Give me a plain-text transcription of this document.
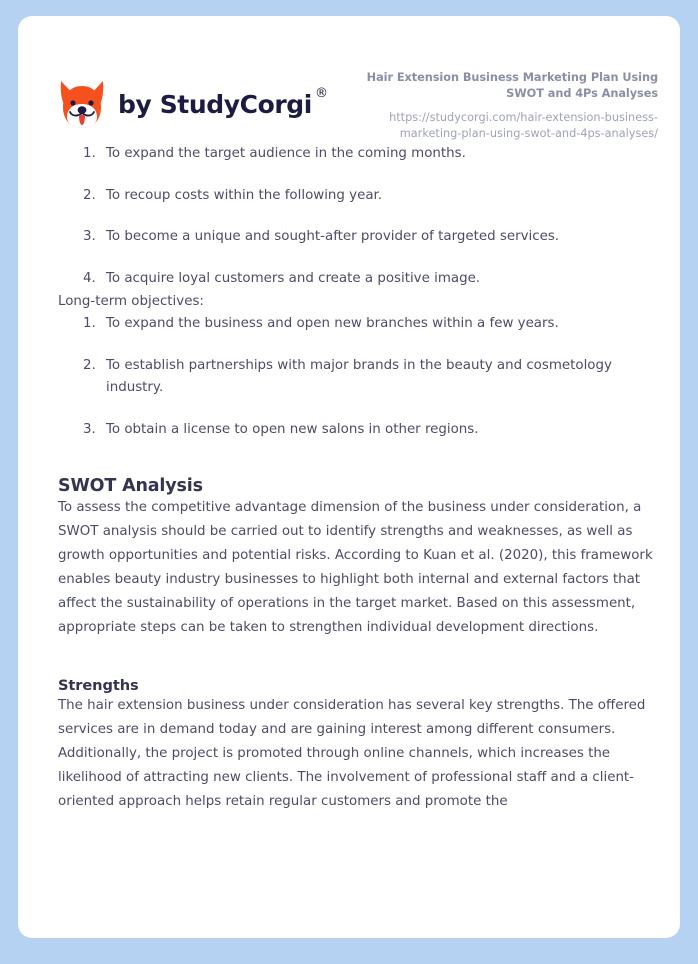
by StudyCorgi ®
Hair Extension Business Marketing Plan Using SWOT and 4Ps Analyses
https://studycorgi.com/hair-extension-business-marketing-plan-using-swot-and-4ps-analyses/
1. To expand the target audience in the coming months.
2. To recoup costs within the following year.
3. To become a unique and sought-after provider of targeted services.
4. To acquire loyal customers and create a positive image.

Long-term objectives:

1. To expand the business and open new branches within a few years.
2. To establish partnerships with major brands in the beauty and cosmetology industry.
3. To obtain a license to open new salons in other regions.
SWOT Analysis

To assess the competitive advantage dimension of the business under consideration, a SWOT analysis should be carried out to identify strengths and weaknesses, as well as growth opportunities and potential risks. According to Kuan et al. (2020), this framework enables beauty industry businesses to highlight both internal and external factors that affect the sustainability of operations in the target market. Based on this assessment, appropriate steps can be taken to strengthen individual development directions.

Strengths

The hair extension business under consideration has several key strengths. The offered services are in demand today and are gaining interest among different consumers. Additionally, the project is promoted through online channels, which increases the likelihood of attracting new clients. The involvement of professional staff and a client-oriented approach helps retain regular customers and promote the
